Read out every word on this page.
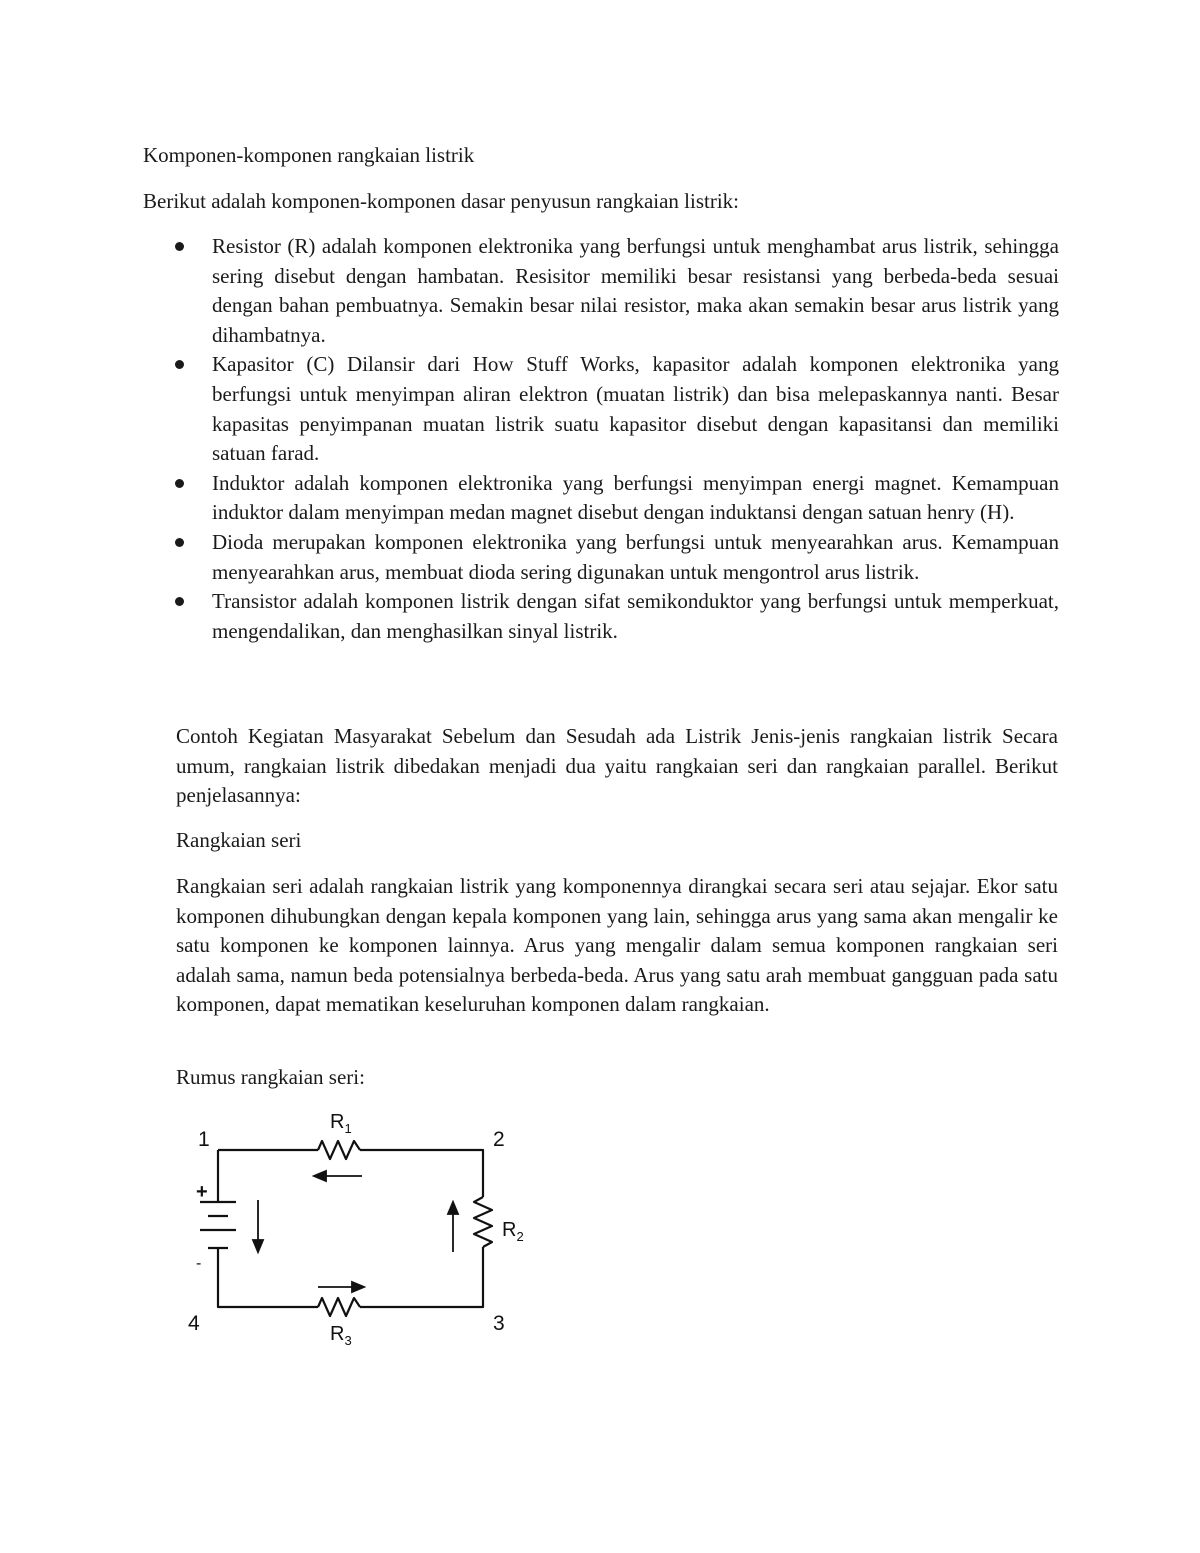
Komponen-komponen rangkaian listrik

Berikut adalah komponen-komponen dasar penyusun rangkaian listrik:

Resistor (R) adalah komponen elektronika yang berfungsi untuk menghambat arus listrik, sehingga sering disebut dengan hambatan. Resisitor memiliki besar resistansi yang berbeda-beda sesuai dengan bahan pembuatnya. Semakin besar nilai resistor, maka akan semakin besar arus listrik yang dihambatnya.
Kapasitor (C) Dilansir dari How Stuff Works, kapasitor adalah komponen elektronika yang berfungsi untuk menyimpan aliran elektron (muatan listrik) dan bisa melepaskannya nanti. Besar kapasitas penyimpanan muatan listrik suatu kapasitor disebut dengan kapasitansi dan memiliki satuan farad.
Induktor adalah komponen elektronika yang berfungsi menyimpan energi magnet. Kemampuan induktor dalam menyimpan medan magnet disebut dengan induktansi dengan satuan henry (H).
Dioda merupakan komponen elektronika yang berfungsi untuk menyearahkan arus. Kemampuan menyearahkan arus, membuat dioda sering digunakan untuk mengontrol arus listrik.
Transistor adalah komponen listrik dengan sifat semikonduktor yang berfungsi untuk memperkuat, mengendalikan, dan menghasilkan sinyal listrik.

Contoh Kegiatan Masyarakat Sebelum dan Sesudah ada Listrik Jenis-jenis rangkaian listrik Secara umum, rangkaian listrik dibedakan menjadi dua yaitu rangkaian seri dan rangkaian parallel. Berikut penjelasannya:

Rangkaian seri

Rangkaian seri adalah rangkaian listrik yang komponennya dirangkai secara seri atau sejajar. Ekor satu komponen dihubungkan dengan kepala komponen yang lain, sehingga arus yang sama akan mengalir ke satu komponen ke komponen lainnya. Arus yang mengalir dalam semua komponen rangkaian seri adalah sama, namun beda potensialnya berbeda-beda. Arus yang satu arah membuat gangguan pada satu komponen, dapat mematikan keseluruhan komponen dalam rangkaian.

Rumus rangkaian seri:

1	2
3
4
+
-
$R_1$
$R_2$
$R_3$
